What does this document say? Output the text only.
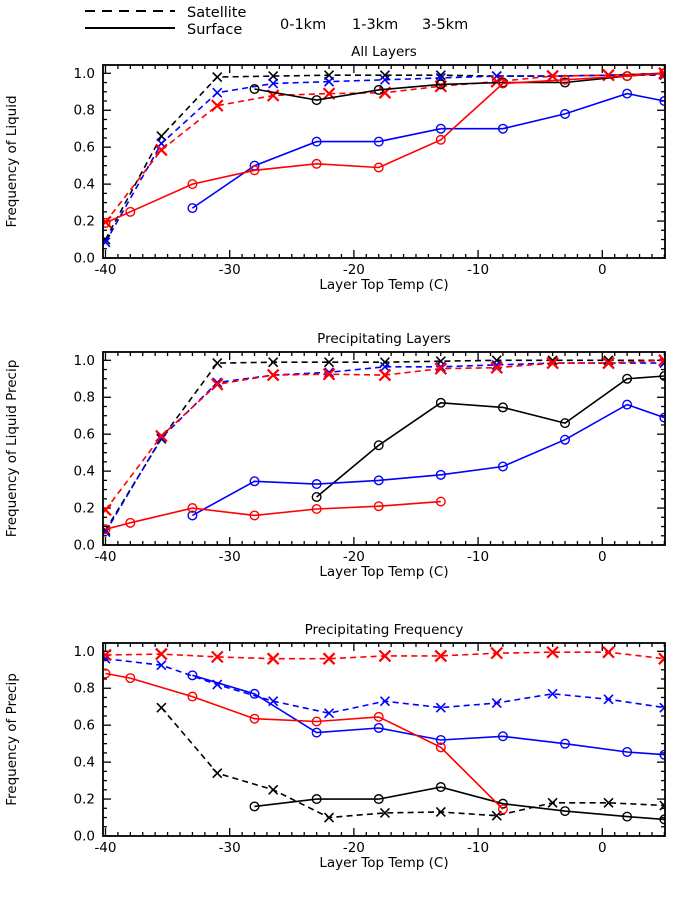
Satellite
Surface	0-1km 1-3km 3-5km
-40	-30	-20	-10	0
0.0
0.2
0.4
0.6
0.8
1.0
All Layers
Layer Top Temp (C)
Frequency of Liquid
-40	-30	-20	-10	0
0.0
0.2
0.4
0.6
0.8
1.0
Precipitating Layers
Layer Top Temp (C)
Frequency of Liquid Precip
-40	-30	-20	-10	0
0.0
0.2
0.4
0.6
0.8
1.0
Precipitating Frequency
Layer Top Temp (C)
Frequency of Precip
